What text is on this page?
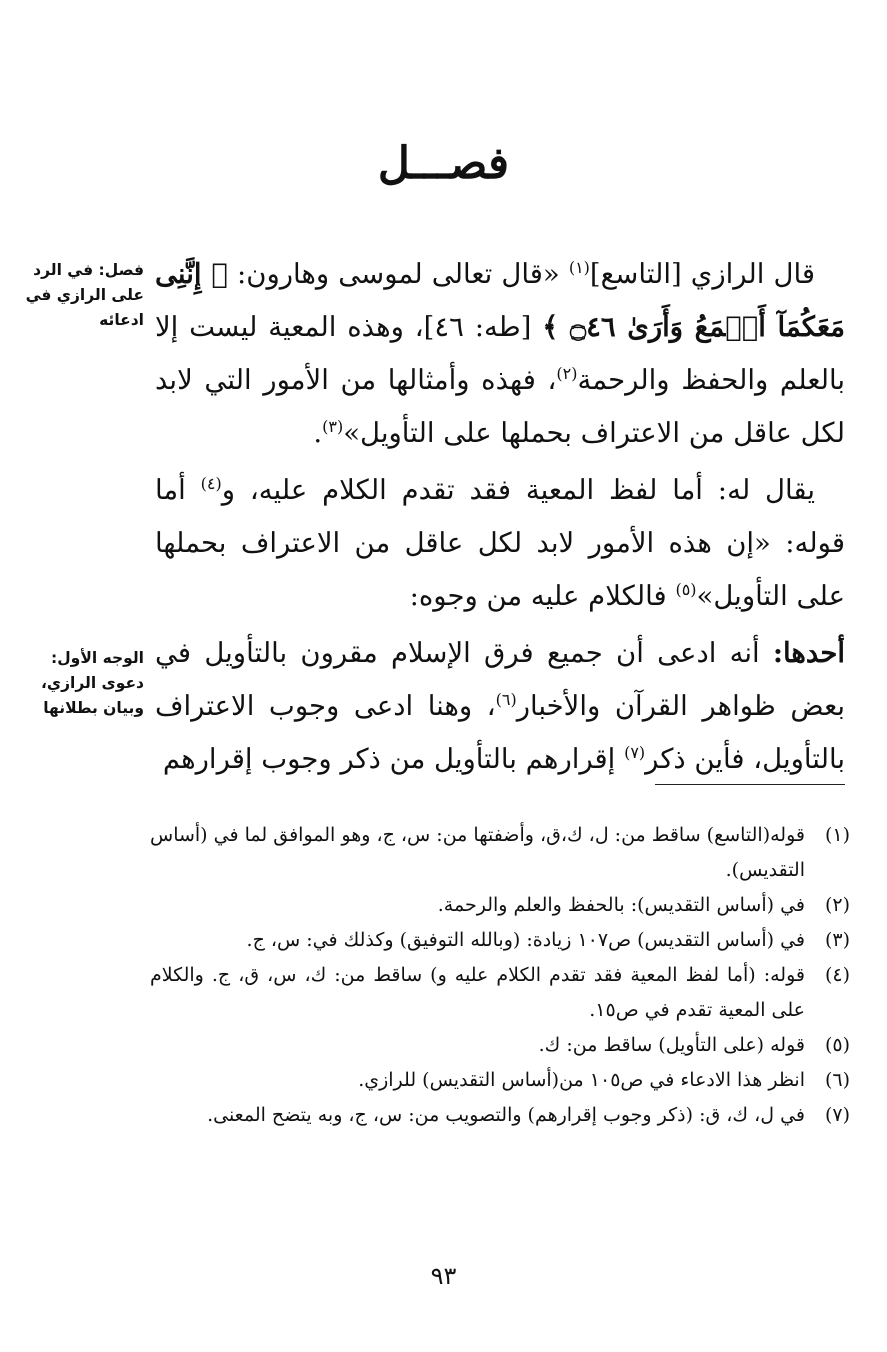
فصـــل
فصل: في الرد على الرازي في ادعائه
الوجه الأول: دعوى الرازي، وبيان بطلانها

قال الرازي [التاسع]$^{(١)}$ «قال تعالى لموسى وهارون: ﴿ إِنَّنِى مَعَكُمَآ أَسۡمَعُ وَأَرَىٰ ۝٤٦ ﴾ [طه: ٤٦]، وهذه المعية ليست إلا بالعلم والحفظ والرحمة$^{(٢)}$، فهذه وأمثالها من الأمور التي لابد لكل عاقل من الاعتراف بحملها على التأويل»$^{(٣)}$.

يقال له: أما لفظ المعية فقد تقدم الكلام عليه، و$^{(٤)}$ أما قوله: «إن هذه الأمور لابد لكل عاقل من الاعتراف بحملها على التأويل»$^{(٥)}$ فالكلام عليه من وجوه:

أحدها: أنه ادعى أن جميع فرق الإسلام مقرون بالتأويل في بعض ظواهر القرآن والأخبار$^{(٦)}$، وهنا ادعى وجوب الاعتراف بالتأويل، فأين ذكر$^{(٧)}$ إقرارهم بالتأويل من ذكر وجوب إقرارهم

(١)
قوله(التاسع) ساقط من: ل، ك،ق، وأضفتها من: س، ج، وهو الموافق لما في (أساس التقديس).
(٢)
في (أساس التقديس): بالحفظ والعلم والرحمة.
(٣)
في (أساس التقديس) ص١٠٧ زيادة: (وبالله التوفيق) وكذلك في: س، ج.
(٤)
قوله: (أما لفظ المعية فقد تقدم الكلام عليه و) ساقط من: ك، س، ق، ج. والكلام على المعية تقدم في ص١٥.
(٥)
قوله (على التأويل) ساقط من: ك.
(٦)
انظر هذا الادعاء في ص١٠٥ من(أساس التقديس) للرازي.
(٧)
في ل، ك، ق: (ذكر وجوب إقرارهم) والتصويب من: س، ج، وبه يتضح المعنى.
٩٣
